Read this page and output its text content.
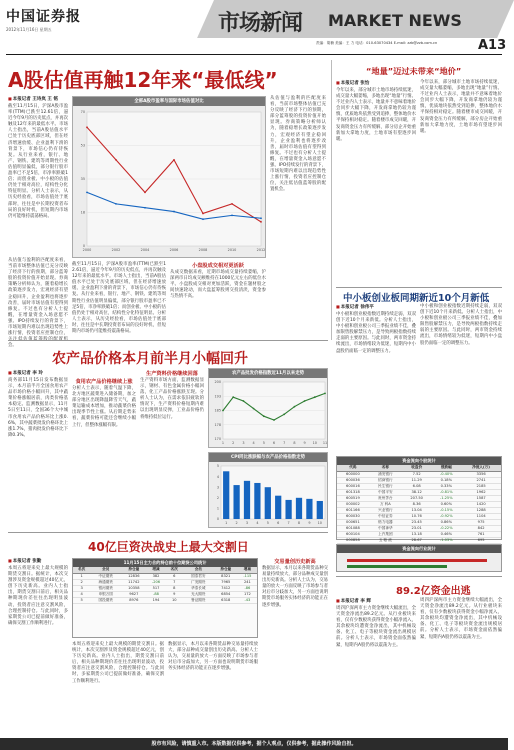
中国证券报
2012年11月16日 星期五	市场新闻 MARKET NEWS
责编：胡楠 美编：王 力 电话：010-63070434 E-mail: zzb@zzb.com.cn	A13
A股估值再触12年来“最低线”
■ 本报记者 王诗岚 王 铭
截至11月15日，沪深A股市盈率(TTM)已跌至12.61倍，逼近今年9月的历史低点，并再次触及12年来的最低水平。市场人士指出，当前A股估值水平已处于历史底部区域，但在经济增速放缓、企业盈利下滑的背景下，市场信心仍有待恢复。从行业来看，银行、地产、钢铁、建筑等周期性行业估值明显偏低，部分银行股市盈率已不足5倍，市净率跌破1倍；而创业板、中小板的估值仍处于相对高位，结构性分化特征明显。分析人士表示，从历史经验看，市场估值处于底部时，往往是中长期投资者布局的良好时机，但短期内市场仍可能维持震荡格局。
全部A股市盈率与国际市场估值对比
0
18
35
53
70
2000	2002	2004	2006	2008	2010	2012
从估值与盈利的匹配度来看，当前市场整体估值已充分反映了经济下行的预期，部分蓝筹股的投资价值开始显现。券商策略分析师认为，随着稳增长政策逐步发力，宏观经济有望企稳回升，企业盈利也将逐步改善，届时市场估值有望得到修复。不过也有分析人士提醒，在增量资金入场意愿不强、IPO持续发行的背景下，市场短期内难以出现趋势性上涨行情，投资者应控制仓位，关注低估值蓝筹股的配置机会。
截至11月15日，沪深A股市盈率(TTM)已跌至12.61倍，逼近今年9月的历史低点，并再次触及12年来的最低水平。市场人士指出，当前A股估值水平已处于历史底部区域，但在经济增速放缓、企业盈利下滑的背景下，市场信心仍有待恢复。从行业来看，银行、地产、钢铁、建筑等周期性行业估值明显偏低，部分银行股市盈率已不足5倍，市净率跌破1倍；而创业板、中小板的估值仍处于相对高位，结构性分化特征明显。分析人士表示，从历史经验看，市场估值处于底部时，往往是中长期投资者布局的良好时机，但短期内市场仍可能维持震荡格局。
小盘股成交相对更活跃
从成交数据来看，近期市场成交量持续萎缩，沪深两市日均成交额维持在1000亿元左右的低位水平。小盘股成交相对更加活跃，资金在题材股之间快速轮动，而大盘蓝筹股则交投清淡，资金参与热情不高。
从估值与盈利的匹配度来看，当前市场整体估值已充分反映了经济下行的预期，部分蓝筹股的投资价值开始显现。券商策略分析师认为，随着稳增长政策逐步发力，宏观经济有望企稳回升，企业盈利也将逐步改善，届时市场估值有望得到修复。不过也有分析人士提醒，在增量资金入场意愿不强、IPO持续发行的背景下，市场短期内难以出现趋势性上涨行情，投资者应控制仓位，关注低估值蓝筹股的配置机会。
“地量”迈过未带来“地价”
■ 本报记者 张怡
今年以来，部分城市土地市场持续低迷，成交量大幅萎缩，多地出现“地量”行情。不过业内人士表示，地量并不意味着地价会同步大幅下降，开发商拿地仍较为谨慎，优质地块依然受到追捧，整体地价水平保持相对稳定。随着楼市成交回暖，开发商资金压力有所缓解，部分房企开始重新加大拿地力度，土地市场有望逐步回暖。
今年以来，部分城市土地市场持续低迷，成交量大幅萎缩，多地出现“地量”行情。不过业内人士表示，地量并不意味着地价会同步大幅下降，开发商拿地仍较为谨慎，优质地块依然受到追捧，整体地价水平保持相对稳定。随着楼市成交回暖，开发商资金压力有所缓解，部分房企开始重新加大拿地力度，土地市场有望逐步回暖。
中小板创业板同期新近10个月新低
■ 本报记者 徐伟平
中小板和创业板指数近期持续走弱，双双创下近10个月来新低。分析人士指出，中小板和创业板公司三季报业绩不佳，叠加限售股解禁压力，是导致两板指数持续走弱的主要原因。与此同时，两市资金持续流出，市场情绪较为低迷，短期内中小盘股仍面临一定的调整压力。
中小板和创业板指数近期持续走弱，双双创下近10个月来新低。分析人士指出，中小板和创业板公司三季报业绩不佳，叠加限售股解禁压力，是导致两板指数持续走弱的主要原因。与此同时，两市资金持续流出，市场情绪较为低迷，短期内中小盘股仍面临一定的调整压力。
资金流向个股统计
代码	名称	收盘价	涨跌幅	净流入(万)
600000	浦发银行	7.52	-0.40%	3356
600036	招商银行	11.29	0.18%	2741
600016	民生银行	6.08	0.33%	2185
601318	中国平安	38.12	-0.81%	1962
600519	贵州茅台	207.50	-1.25%	1587
000002	万 科A	8.36	0.60%	1420
601166	兴业银行	13.04	-0.15%	1288
600030	中信证券	10.76	-0.92%	1104
000651	格力电器	23.45	0.86%	975
601088	中国神华	23.01	-0.22%	842
600104	上汽集团	13.18	0.46%	761
000858	五 粮 液	28.67	-1.03%	695
资金流向行业统计
农产品价格本月前半月小幅回升
■ 本报记者 李 玲
商务部11月15日发布数据显示，本月前半月全国食用农产品市场价格小幅回升，其中蔬菜价格涨幅居前，肉类价格基本稳定。监测数据显示，11月5日至11日，全国36个大中城市食用农产品价格环比上涨0.6%，其中蔬菜批发价格环比上涨1.7%，猪肉批发价格环比下降0.3%。
食用农产品价格继续上涨
分析人士表示，随着气温下降，北方地区蔬菜进入储备期，加之部分地区出现降温降雪天气，蔬菜运输成本增加，推动蔬菜价格出现季节性上涨。从后期走势来看，蔬菜价格可能还会继续小幅上行，但整体涨幅有限。
生产资料价格继续回落
生产资料市场方面，监测数据显示，钢材、有色金属价格小幅回落，化工产品价格涨跌互现。分析人士认为，在需求依旧疲软的情况下，生产资料价格短期内难以出现明显反弹，工业品价格仍将维持低位运行。
农产品批发价格指数近11月以来走势
170
178
185
193
200
1 2 3 4 5 6 7 8 9 10 11
CPI同比涨跌幅与农产品价格指数走势
1 2 3 4 5 6 7 8 9 10
0
1
2
3
4
5
40亿巨资决战史上最大交割日
■ 本报记者 张勤
本周五将迎来史上最大规模的期货交割日。据统计，本次交割涉及资金规模超过40亿元，创下历史新高。业内人士指出，期货交割日前后，相关品种期现价差往往出现明显波动，投资者应注意交割风险，合理控制持仓。与此同时，多家期货公司已提前做好准备，确保交割工作顺利进行。
11月15日主力合约持仓前十位期货公司统计
名次	会员	持仓量	增减	名次	会员	持仓量	增减
1	中证期货	12836	382	6	国泰君安	8321	-115
2	海通期货	11742	-206	7	广发期货	7965	241
3	银河期货	10358	517	8	华泰长城	7412	-86
4	申银万国	9627	-88	9	光大期货	6854	172
5	国投期货	8976	194	10	鲁证期货	6318	-43
本周五将迎来史上最大规模的期货交割日。据统计，本次交割涉及资金规模超过40亿元，创下历史新高。业内人士指出，期货交割日前后，相关品种期现价差往往出现明显波动，投资者应注意交割风险，合理控制持仓。与此同时，多家期货公司已提前做好准备，确保交割工作顺利进行。
数据显示，本月以来各期货品种交易量持续放大，部分品种成交量创出历史新高。分析人士认为，交易量的放大一方面反映了市场参与者对后市分歧加大，另一方面也说明期货市场服务实体经济的功能正在逐步增强。
交易量创历史新高
数据显示，本月以来各期货品种交易量持续放大，部分品种成交量创出历史新高。分析人士认为，交易量的放大一方面反映了市场参与者对后市分歧加大，另一方面也说明期货市场服务实体经济的功能正在逐步增强。
89.2亿资金出逃
■ 本报记者 李 辉
周四沪深两市主力资金继续大幅流出，全天资金净流出89.2亿元。从行业板块来看，仅有少数板块获得资金小幅净流入，其余板块均遭资金净流出，其中机械设备、化工、电子等板块资金流出规模居前。分析人士表示，市场资金面依然偏紧，短期内A股仍将以震荡为主。
周四沪深两市主力资金继续大幅流出，全天资金净流出89.2亿元。从行业板块来看，仅有少数板块获得资金小幅净流入，其余板块均遭资金净流出，其中机械设备、化工、电子等板块资金流出规模居前。分析人士表示，市场资金面依然偏紧，短期内A股仍将以震荡为主。
股市有风险，请慎重入市。本版数据仅供参考，据个人观点，仅供参考，据此操作风险自担。
